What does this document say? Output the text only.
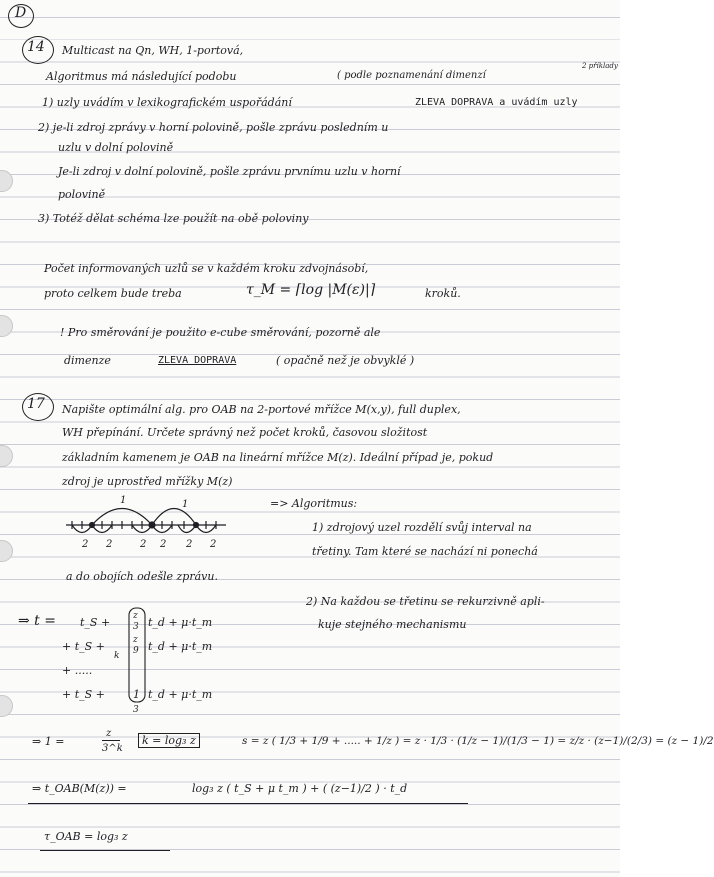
D
14 Multicast na Qn, WH, 1-portová,
Algoritmus má následující podobu	( podle poznamenání dimenzí
2 příklady
1) uzly uvádím v lexikografickém uspořádání	ZLEVA DOPRAVA a uvádím uzly
2) je-li zdroj zprávy v horní polovině, pošle zprávu posledním u
uzlu v dolní polovině
Je-li zdroj v dolní polovině, pošle zprávu prvnímu uzlu v horní
polovině
3) Totéž dělat schéma lze použít na obě poloviny
Počet informovaných uzlů se v každém kroku zdvojnásobí,
proto celkem bude treba	τ_M = ⌈log |M(ε)|⌉	kroků.
! Pro směrování je použito e-cube směrování, pozorně ale
dimenze	ZLEVA DOPRAVA	( opačně než je obvyklé )
17 Napište optimální alg. pro OAB na 2-portové mřížce M(x,y), full duplex,
WH přepínání. Určete správný než počet kroků, časovou složitost
základním kamenem je OAB na lineární mřížce M(z). Ideální případ je, pokud
zdroj je uprostřed mřížky M(z)
1	1
2 2	2 2 2 2
=> Algoritmus:
1) zdrojový uzel rozdělí svůj interval na
třetiny. Tam které se nachází ni ponechá
a do obojích odešle zprávu.
2) Na každou se třetinu se rekurzivně apli-
kuje stejného mechanismu
⇒ t = t_S +	z
3 t_d + μ·t_m
+ t_S +	z
9 t_d + μ·t_m
+ .....
+ t_S +	1 t_d + μ·t_m
k
3
⇒ 1 =
z
3^k
k = log₃ z	s = z ( 1/3 + 1/9 + ..... + 1/z ) = z · 1/3 · (1/z − 1)/(1/3 − 1) = z/z · (z−1)/(2/3) = (z − 1)/2
⇒ t_OAB(M(z)) =	log₃ z ( t_S + μ t_m ) + ( (z−1)/2 ) · t_d
τ_OAB = log₃ z
